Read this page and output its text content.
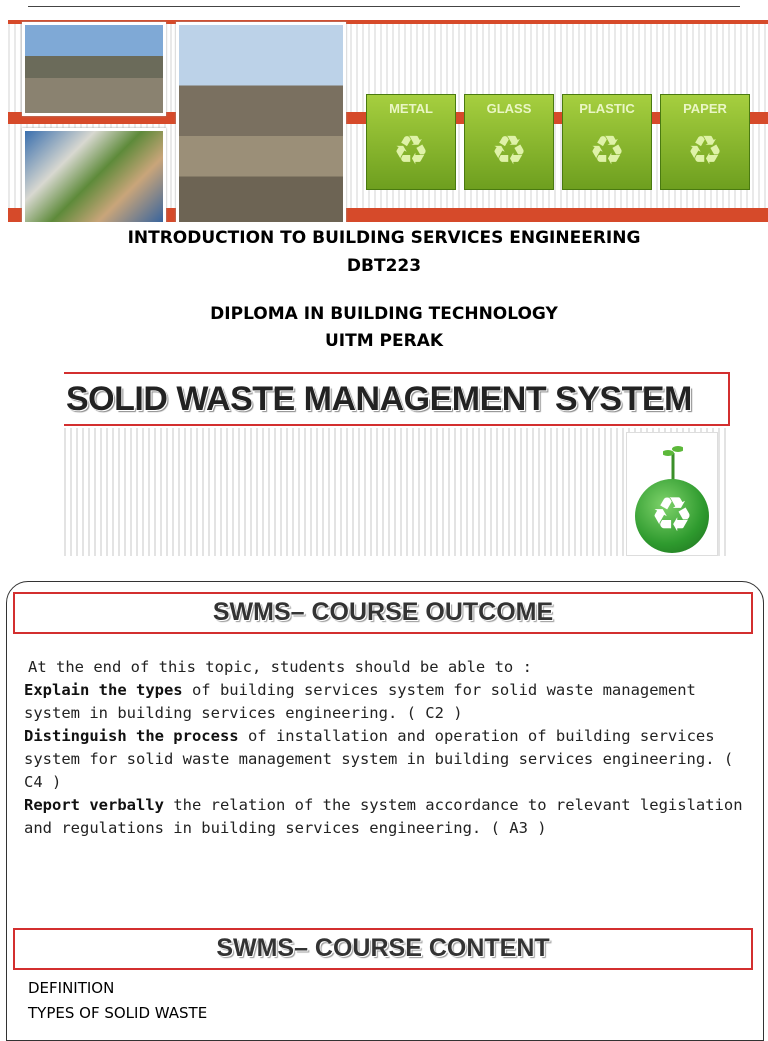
METAL
♻
GLASS
♻
PLASTIC
♻
PAPER
♻
INTRODUCTION TO BUILDING SERVICES ENGINEERING
DBT223
DIPLOMA IN BUILDING TECHNOLOGY
UITM PERAK
SOLID WASTE MANAGEMENT SYSTEM
♻
SWMS– COURSE OUTCOME
At the end of this topic, students should be able to :
Explain the types of building services system for solid waste management system in building services engineering. ( C2 )
Distinguish the process of installation and operation of building services system for solid waste management system in building services engineering. ( C4 )
Report verbally the relation of the system accordance to relevant legislation and regulations in building services engineering. ( A3 )
SWMS– COURSE CONTENT
DEFINITION
TYPES OF SOLID WASTE
